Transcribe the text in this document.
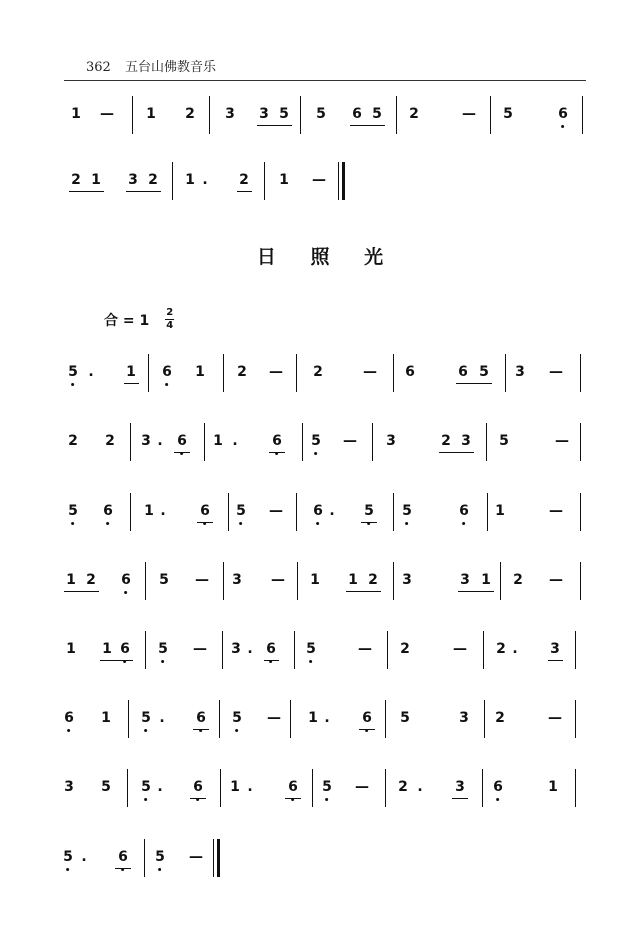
362 五台山佛教音乐
日 照 光
合 = $1 \frac{2}{4}$
1 — 1 2 3 3 5 5 6 5 2	— 5	6
2 1 3 2 1 . 2 1 —
5 . 1 6 1 2 — 2	— 6	6 5 3 —
2 2 3 . 6 1 . 6 5 — 3	2 3 5	—
5 6 1 . 6 5 — 6 . 5 5	6 1	—
1 2 6 5 — 3 — 1 1 2 3	3 1 2 —
1 1 6 5 — 3 . 6 5	— 2	— 2 . 3
6 1 5 . 6 5 — 1 . 6 5	3 2	—
3 5 5 . 6 1 .	6 5 — 2 . 3 6	1
5 . 6 5 —
